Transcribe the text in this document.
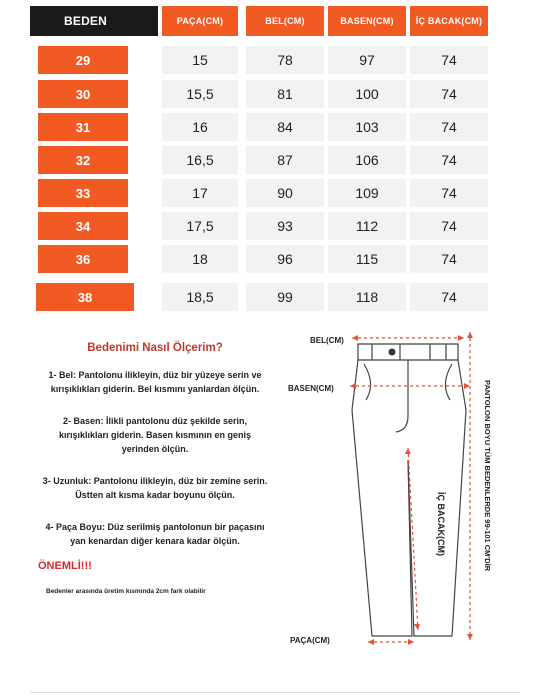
BEDEN	PAÇA(CM)	BEL(CM)	BASEN(CM)	İÇ BACAK(CM)
29	15	78	97	74
30	15,5	81	100	74
31	16	84	103	74
32	16,5	87	106	74
33	17	90	109	74
34	17,5	93	112	74
36	18	96	115	74
38	18,5	99	118	74
Bedenimi Nasıl Ölçerim?
1- Bel: Pantolonu ilikleyin, düz bir yüzeye serin ve kırışıklıkları giderin. Bel kısmını yanlardan ölçün.
2- Basen: İlikli pantolonu düz şekilde serin, kırışıklıkları giderin. Basen kısmının en geniş yerinden ölçün.
3- Uzunluk: Pantolonu ilikleyin, düz bir zemine serin. Üstten alt kısma kadar boyunu ölçün.
4- Paça Boyu: Düz serilmiş pantolonun bir paçasını yan kenardan diğer kenara kadar ölçün.
ÖNEMLİ!!!
Bedenler arasında üretim kısmında 2cm fark olabilir
BEL(CM)
BASEN(CM)
PAÇA(CM)
İÇ BACAK(CM)	PANTOLON BOYU TÜM BEDENLERDE 99-101 CM'DİR
